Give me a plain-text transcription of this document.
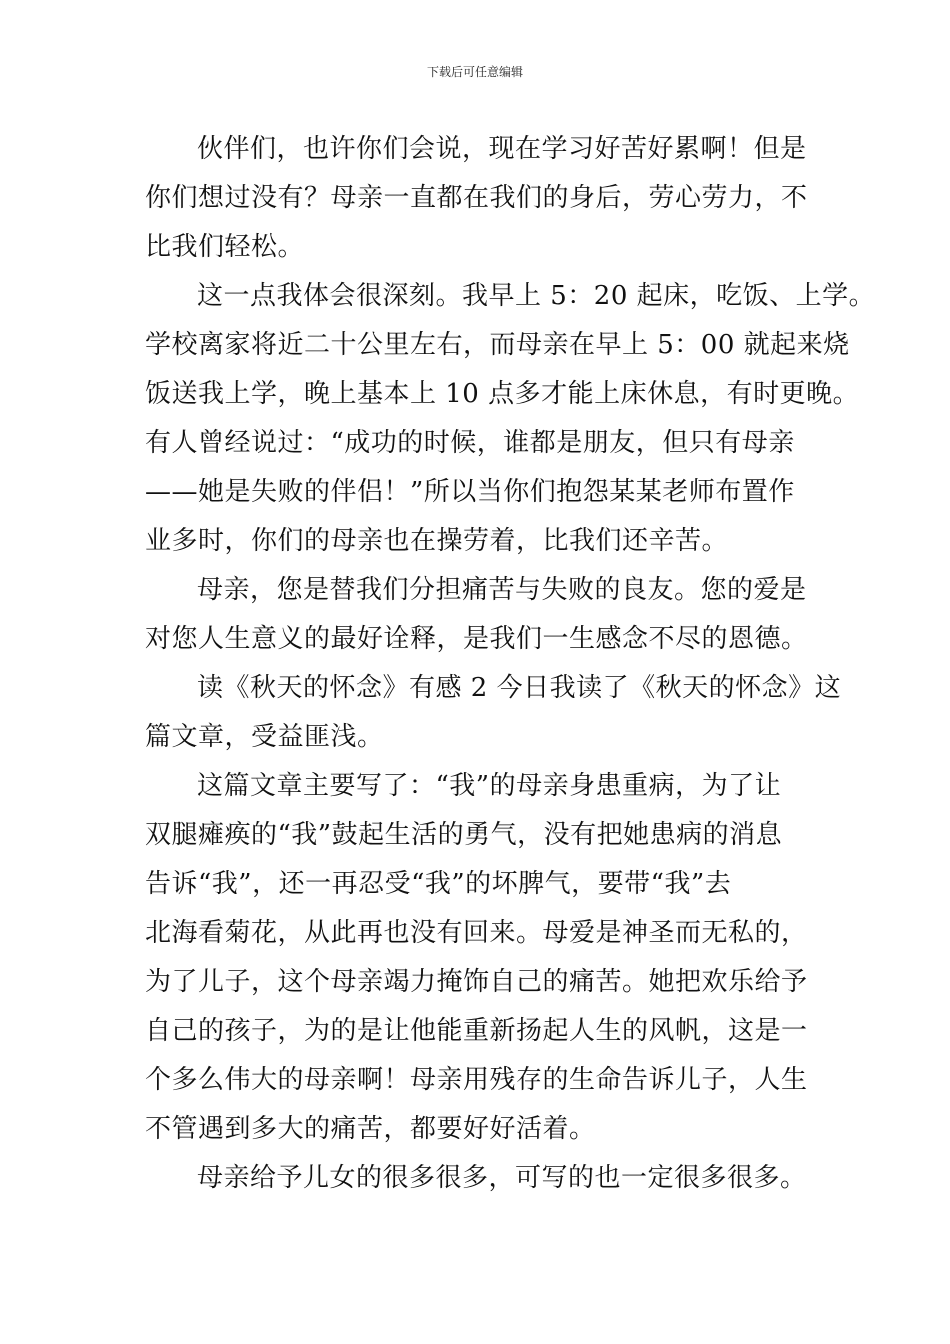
下载后可任意编辑

伙伴们，也许你们会说，现在学习好苦好累啊！但是
你们想过没有？母亲一直都在我们的身后，劳心劳力，不
比我们轻松。

这一点我体会很深刻。我早上 5：20 起床，吃饭、上学。
学校离家将近二十公里左右，而母亲在早上 5：00 就起来烧
饭送我上学，晚上基本上 10 点多才能上床休息，有时更晚。
有人曾经说过：“成功的时候，谁都是朋友，但只有母亲
——她是失败的伴侣！”所以当你们抱怨某某老师布置作
业多时，你们的母亲也在操劳着，比我们还辛苦。

母亲，您是替我们分担痛苦与失败的良友。您的爱是
对您人生意义的最好诠释，是我们一生感念不尽的恩德。

读《秋天的怀念》有感 2 今日我读了《秋天的怀念》这
篇文章，受益匪浅。

这篇文章主要写了：“我”的母亲身患重病，为了让
双腿瘫痪的“我”鼓起生活的勇气，没有把她患病的消息
告诉“我”，还一再忍受“我”的坏脾气，要带“我”去
北海看菊花，从此再也没有回来。母爱是神圣而无私的，
为了儿子，这个母亲竭力掩饰自己的痛苦。她把欢乐给予
自己的孩子，为的是让他能重新扬起人生的风帆，这是一
个多么伟大的母亲啊！母亲用残存的生命告诉儿子，人生
不管遇到多大的痛苦，都要好好活着。

母亲给予儿女的很多很多，可写的也一定很多很多。
